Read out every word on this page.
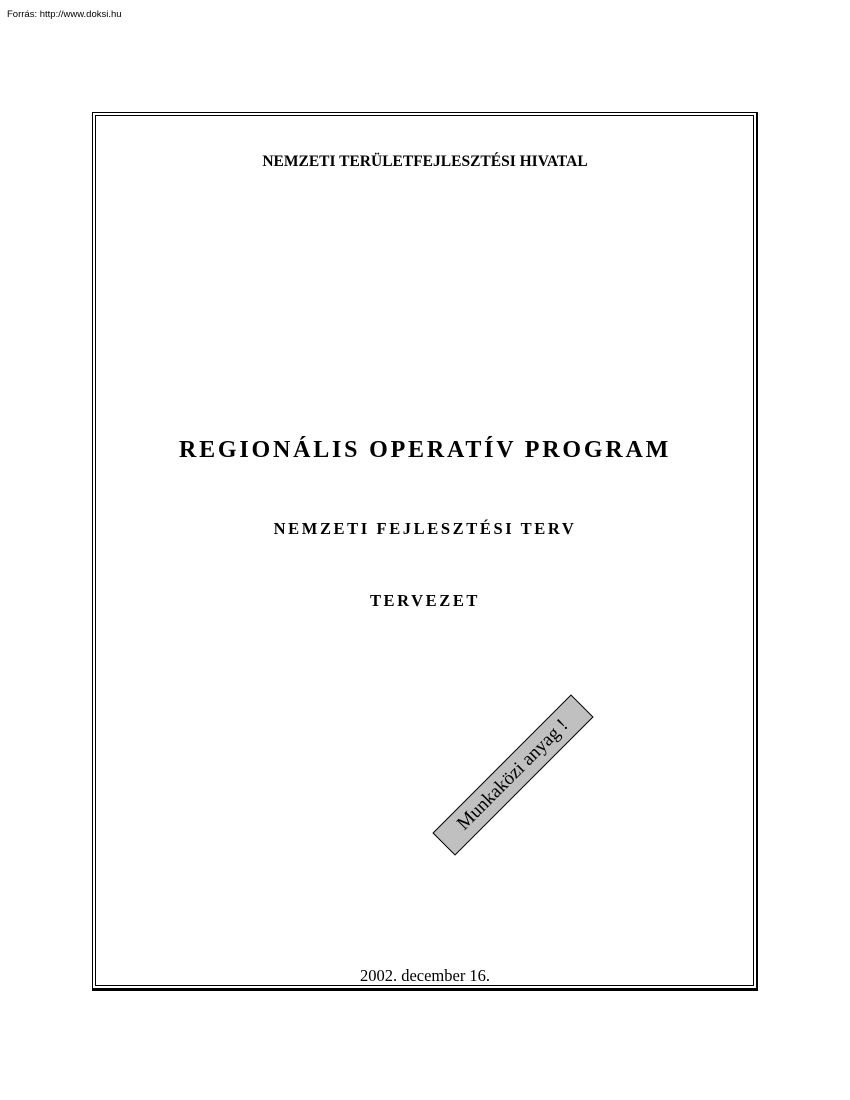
Forrás: http://www.doksi.hu
NEMZETI TERÜLETFEJLESZTÉSI HIVATAL
REGIONÁLIS OPERATÍV PROGRAM
NEMZETI FEJLESZTÉSI TERV
TERVEZET
Munkaközi anyag !
2002. december 16.
